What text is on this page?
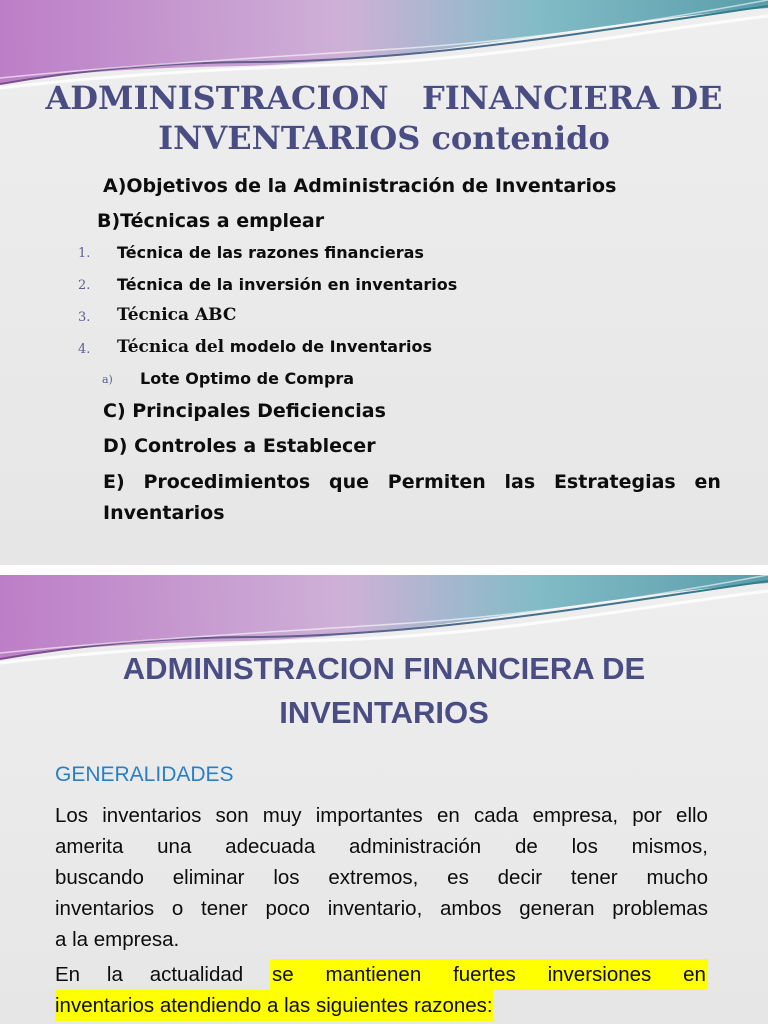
ADMINISTRACION   FINANCIERA DE
INVENTARIOS contenido
A)Objetivos de la Administración de Inventarios
B)Técnicas a emplear
1. Técnica de las razones financieras
2. Técnica de la inversión en inventarios
3. Técnica ABC
4. Técnica del modelo de Inventarios
a) Lote Optimo de Compra
C) Principales Deficiencias
D) Controles a Establecer
E) Procedimientos que Permiten las Estrategias en
Inventarios
ADMINISTRACION FINANCIERA DE
INVENTARIOS
GENERALIDADES
Los inventarios son muy importantes en cada empresa, por ello
amerita una adecuada administración de los mismos,
buscando eliminar los extremos, es decir tener mucho
inventarios o tener poco inventario, ambos generan problemas
a la empresa.
En la actualidad se mantienen fuertes inversiones en
inventarios atendiendo a las siguientes razones:
